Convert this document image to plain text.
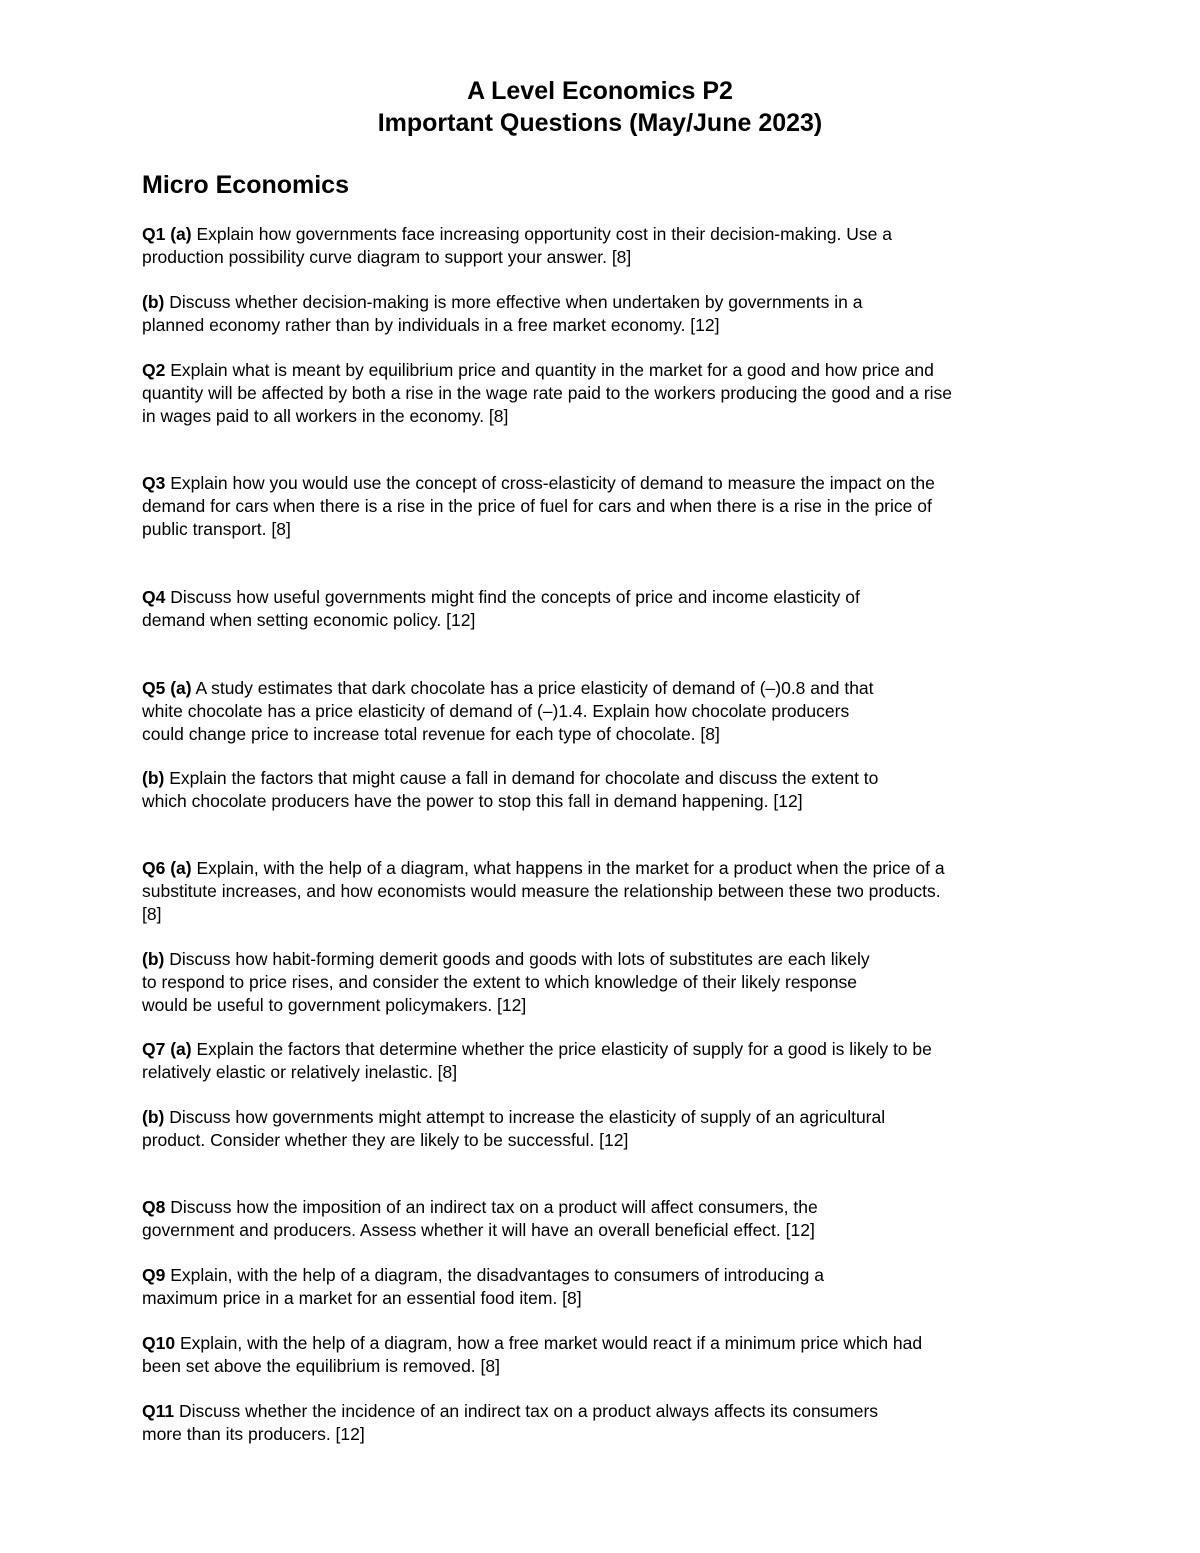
A Level Economics P2
Important Questions (May/June 2023)
Micro Economics

Q1 (a) Explain how governments face increasing opportunity cost in their decision-making. Use a
production possibility curve diagram to support your answer. [8]

(b) Discuss whether decision-making is more effective when undertaken by governments in a
planned economy rather than by individuals in a free market economy. [12]

Q2 Explain what is meant by equilibrium price and quantity in the market for a good and how price and
quantity will be affected by both a rise in the wage rate paid to the workers producing the good and a rise
in wages paid to all workers in the economy. [8]

Q3 Explain how you would use the concept of cross-elasticity of demand to measure the impact on the
demand for cars when there is a rise in the price of fuel for cars and when there is a rise in the price of
public transport. [8]

Q4 Discuss how useful governments might find the concepts of price and income elasticity of
demand when setting economic policy. [12]

Q5 (a) A study estimates that dark chocolate has a price elasticity of demand of (–)0.8 and that
white chocolate has a price elasticity of demand of (–)1.4. Explain how chocolate producers
could change price to increase total revenue for each type of chocolate. [8]

(b) Explain the factors that might cause a fall in demand for chocolate and discuss the extent to
which chocolate producers have the power to stop this fall in demand happening. [12]

Q6 (a) Explain, with the help of a diagram, what happens in the market for a product when the price of a
substitute increases, and how economists would measure the relationship between these two products.
[8]

(b) Discuss how habit-forming demerit goods and goods with lots of substitutes are each likely
to respond to price rises, and consider the extent to which knowledge of their likely response
would be useful to government policymakers. [12]

Q7 (a) Explain the factors that determine whether the price elasticity of supply for a good is likely to be
relatively elastic or relatively inelastic. [8]

(b) Discuss how governments might attempt to increase the elasticity of supply of an agricultural
product. Consider whether they are likely to be successful. [12]

Q8 Discuss how the imposition of an indirect tax on a product will affect consumers, the
government and producers. Assess whether it will have an overall beneficial effect. [12]

Q9 Explain, with the help of a diagram, the disadvantages to consumers of introducing a
maximum price in a market for an essential food item. [8]

Q10 Explain, with the help of a diagram, how a free market would react if a minimum price which had
been set above the equilibrium is removed. [8]

Q11 Discuss whether the incidence of an indirect tax on a product always affects its consumers
more than its producers. [12]
